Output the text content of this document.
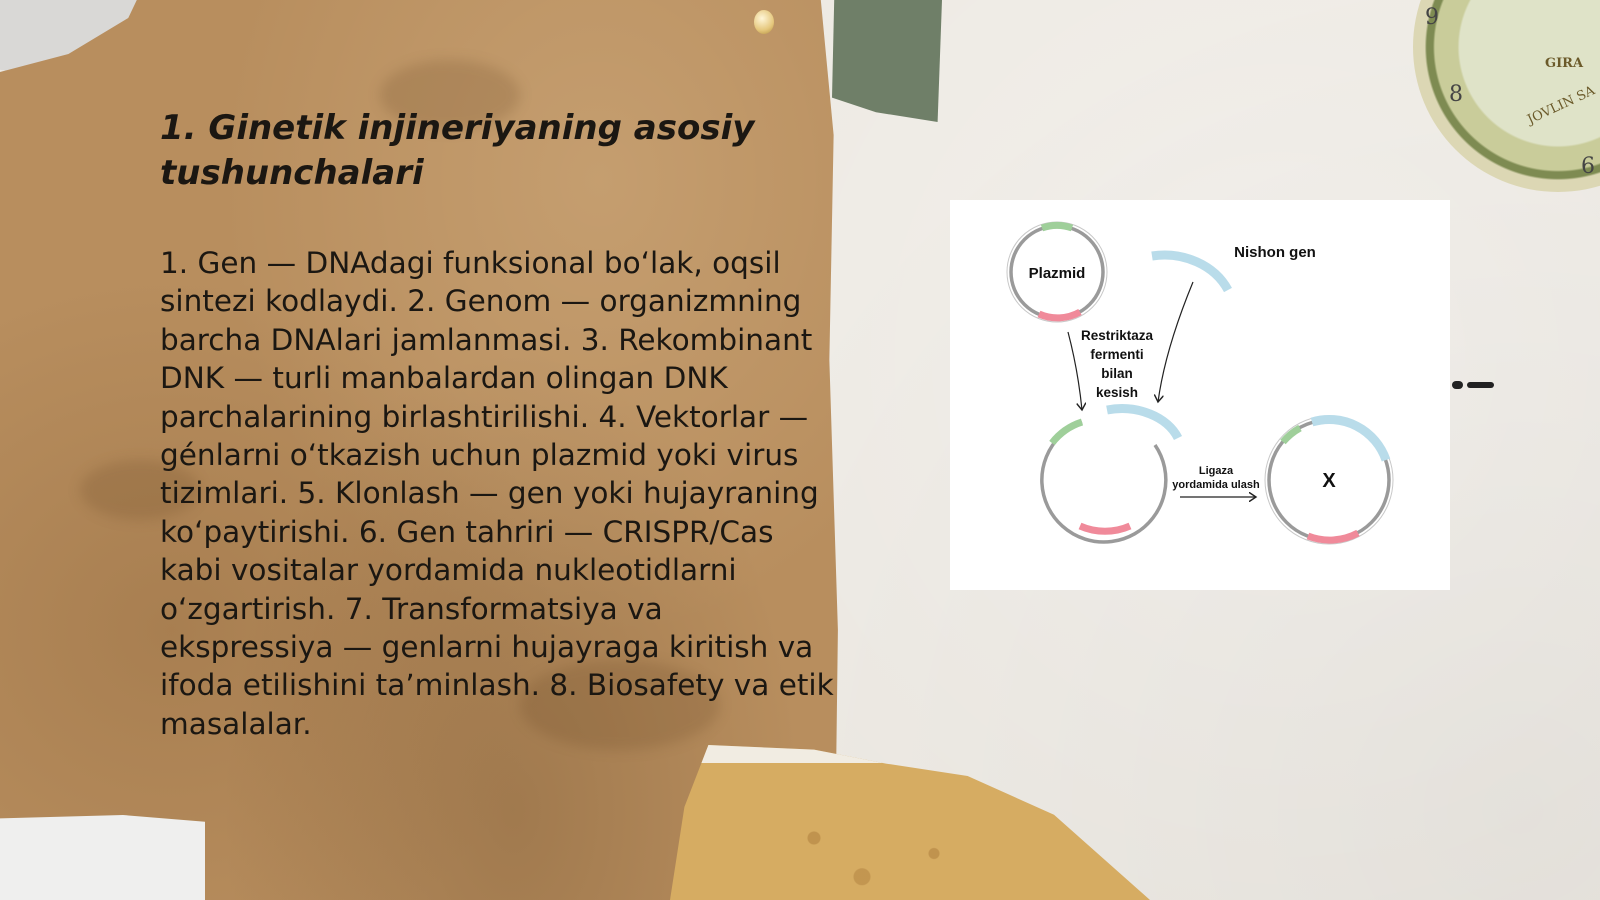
9
8
6
GIRA
JOVLIN SA
1. Ginetik injineriyaning asosiy tushunchalari

1. Gen — DNAdagi funksional bo‘lak, oqsil sintezi kodlaydi. 2. Genom — organizmning barcha DNAlari jamlanmasi. 3. Rekombinant DNK — turli manbalardan olingan DNK parchalarining birlashtirilishi. 4. Vektorlar — génlarni o‘tkazish uchun plazmid yoki virus tizimlari. 5. Klonlash — gen yoki hujayraning ko‘paytirishi. 6. Gen tahriri — CRISPR/Cas kabi vositalar yordamida nukleotidlarni o‘zgartirish. 7. Transformatsiya va ekspressiya — genlarni hujayraga kiritish va ifoda etilishini ta’minlash. 8. Biosafety va etik masalalar.

Plazmid
Nishon gen
Restriktaza
fermenti
bilan
kesish
Ligaza
yordamida ulash	X
